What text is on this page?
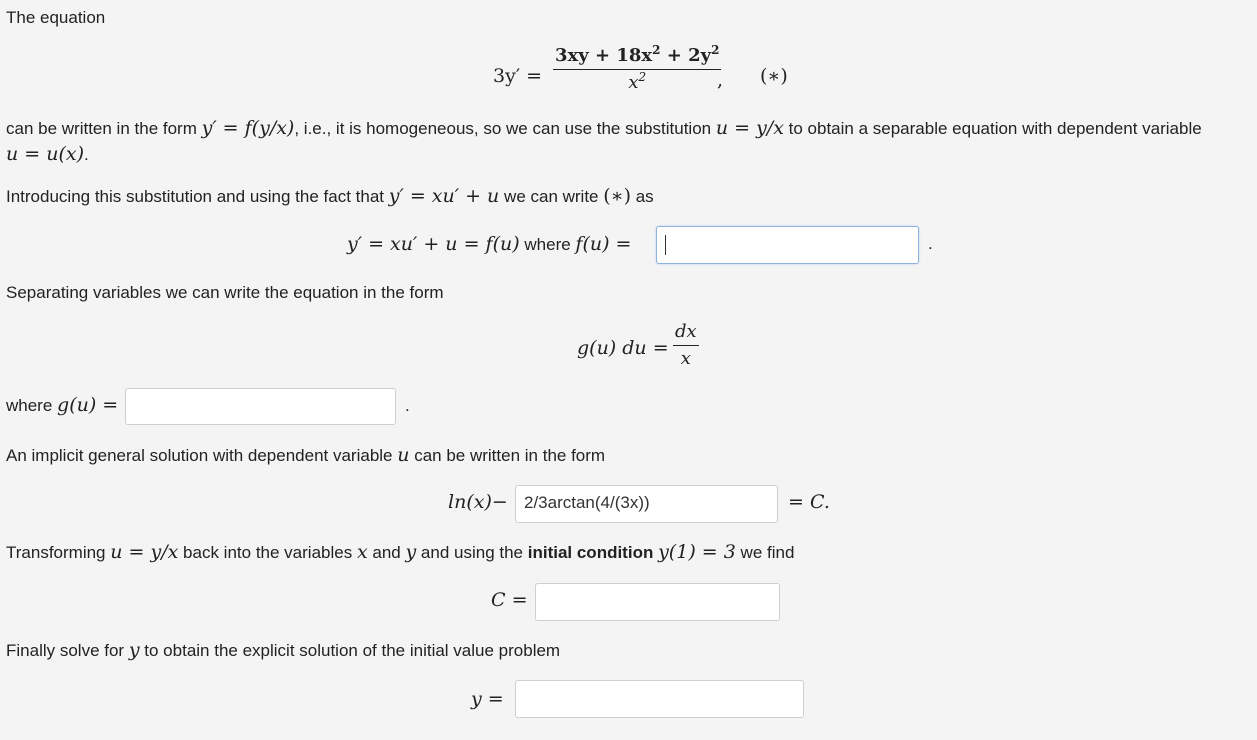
The equation
$3y' = \frac{3xy + 18x^2 + 2y^2}{x^2}$
, (∗)
can be written in the form y′ = f(y/x), i.e., it is homogeneous, so we can use the substitution u = y/x to obtain a separable equation with dependent variable
u = u(x).
Introducing this substitution and using the fact that y′ = xu′ + u we can write (∗) as
y′ = xu′ + u = f(u) where f(u) =	.
Separating variables we can write the equation in the form
g(u) du = $\frac{dx}{x}$
where g(u) =	.
An implicit general solution with dependent variable u can be written in the form
ln(x)− 2/3arctan(4/(3x))	= C.
Transforming u = y/x back into the variables x and y and using the initial condition y(1) = 3 we find
C =
Finally solve for y to obtain the explicit solution of the initial value problem
y =
